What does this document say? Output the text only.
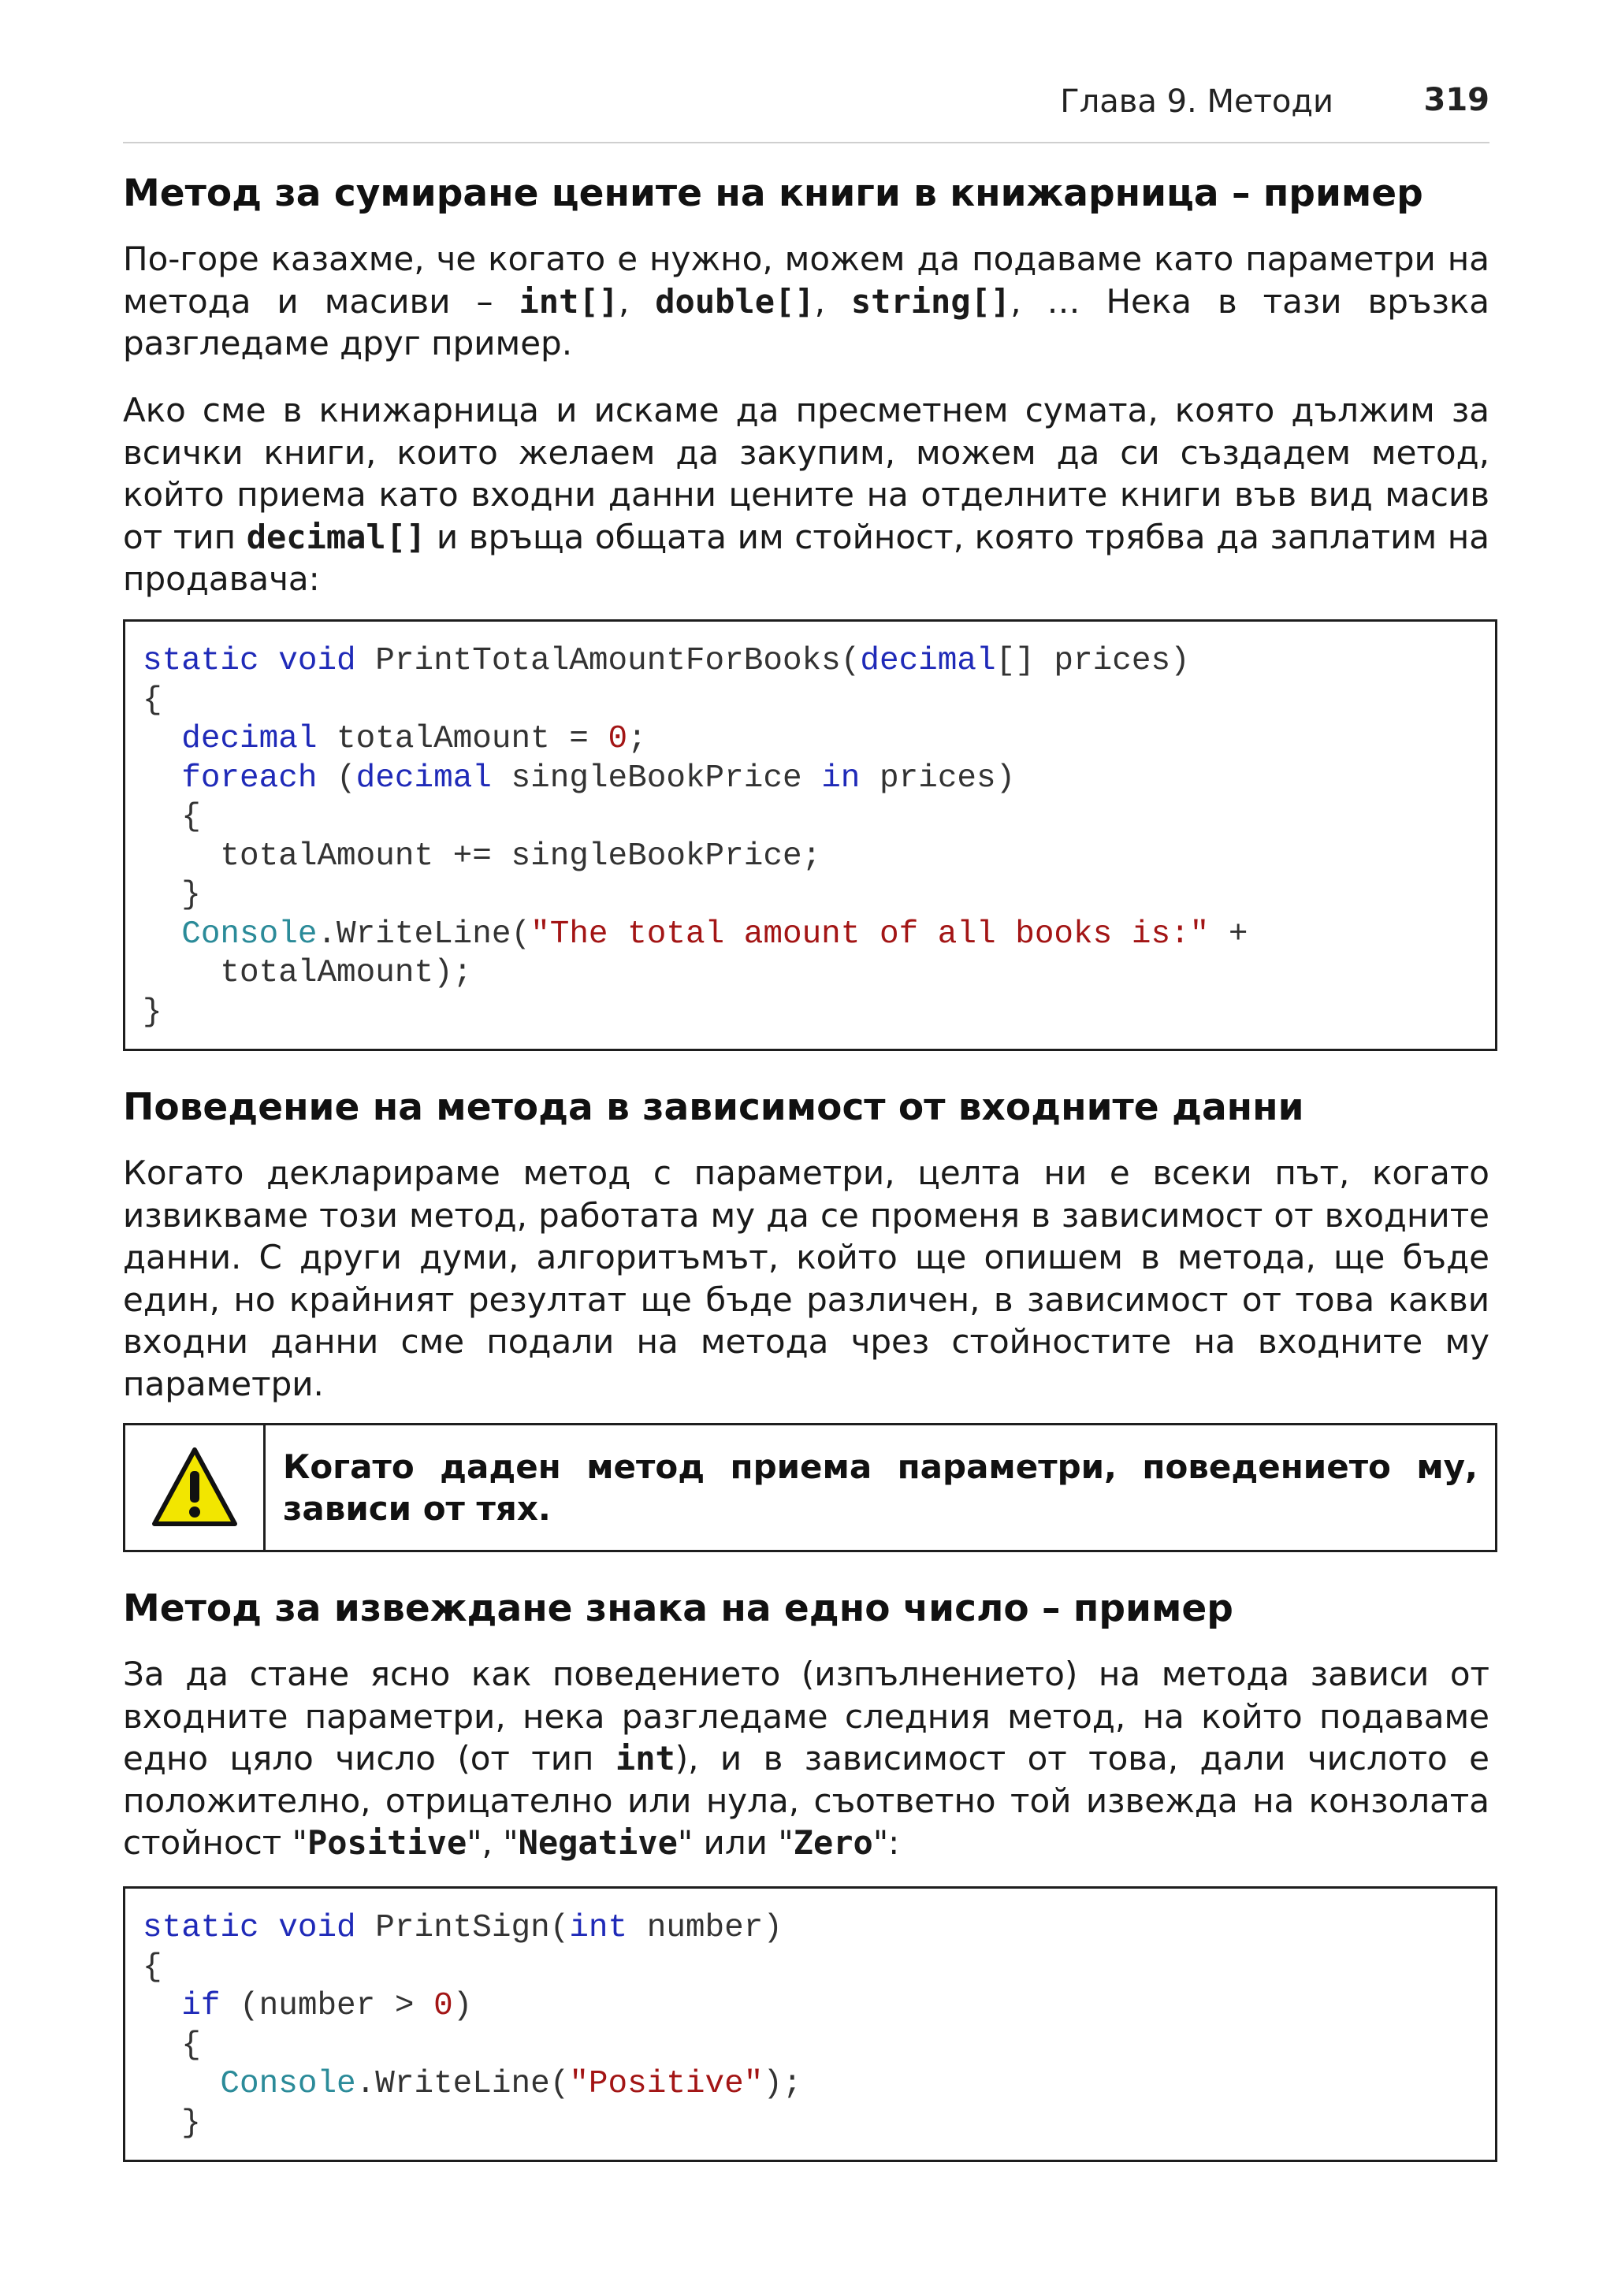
Глава 9. Методи	319
Метод за сумиране цените на книги в книжарница – пример

По-горе казахме, че когато е нужно, можем да подаваме като параметри на метода и масиви – int[], double[], string[], … Нека в тази връзка разгледаме друг пример.

Ако сме в книжарница и искаме да пресметнем сумата, която дължим за всички книги, които желаем да закупим, можем да си създадем метод, който приема като входни данни цените на отделните книги във вид масив от тип decimal[] и връща общата им стойност, която трябва да заплатим на продавача:

static void PrintTotalAmountForBooks(decimal[] prices)
{
decimal totalAmount = 0;
foreach (decimal singleBookPrice in prices)
{
totalAmount += singleBookPrice;
}
Console.WriteLine("The total amount of all books is:" +
totalAmount);
}
Поведение на метода в зависимост от входните данни

Когато декларираме метод с параметри, целта ни е всеки път, когато извикваме този метод, работата му да се променя в зависимост от входните данни. С други думи, алгоритъмът, който ще опишем в метода, ще бъде един, но крайният резултат ще бъде различен, в зависимост от това какви входни данни сме подали на метода чрез стойностите на входните му параметри.

Когато даден метод приема параметри, поведението му, зависи от тях.
Метод за извеждане знака на едно число – пример

За да стане ясно как поведението (изпълнението) на метода зависи от входните параметри, нека разгледаме следния метод, на който подаваме едно цяло число (от тип int), и в зависимост от това, дали числото е положително, отрицателно или нула, съответно той извежда на конзолата стойност "Positive", "Negative" или "Zero":

static void PrintSign(int number)
{
if (number > 0)
{
Console.WriteLine("Positive");
}
